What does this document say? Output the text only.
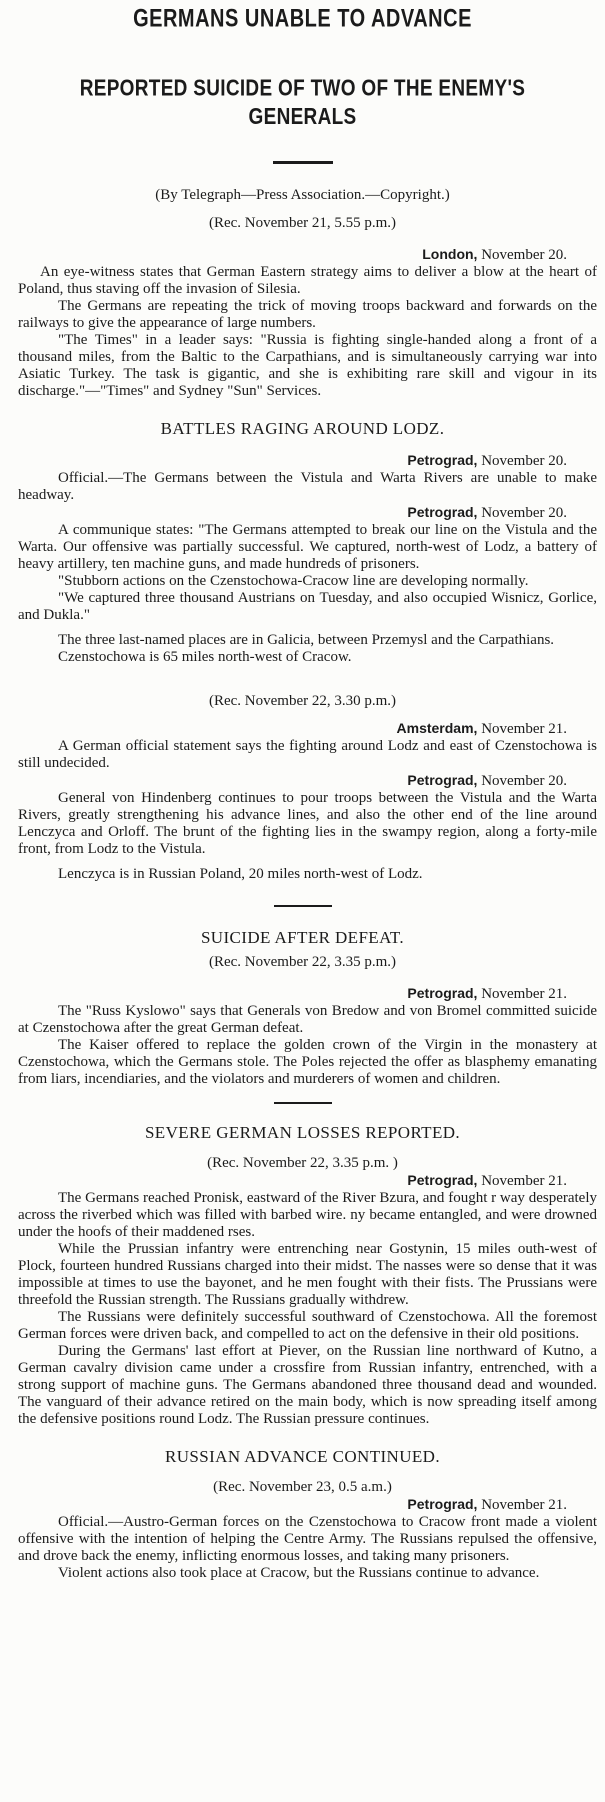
GERMANS UNABLE TO ADVANCE
REPORTED SUICIDE OF TWO OF THE ENEMY'S GENERALS
(By Telegraph—Press Association.—Copyright.)
(Rec. November 21, 5.55 p.m.)
London, November 20.

An eye-witness states that German Eastern strategy aims to deliver a blow at the heart of Poland, thus staving off the invasion of Silesia.

The Germans are repeating the trick of moving troops backward and forwards on the railways to give the appearance of large numbers.

"The Times" in a leader says: "Russia is fighting single-handed along a front of a thousand miles, from the Baltic to the Carpathians, and is simultaneously carrying war into Asiatic Turkey. The task is gigantic, and she is exhibiting rare skill and vigour in its discharge."—"Times" and Sydney "Sun" Services.

BATTLES RAGING AROUND LODZ.
Petrograd, November 20.

Official.—The Germans between the Vistula and Warta Rivers are unable to make headway.

Petrograd, November 20.

A communique states: "The Germans attempted to break our line on the Vistula and the Warta. Our offensive was partially successful. We captured, north-west of Lodz, a battery of heavy artillery, ten machine guns, and made hundreds of prisoners.

"Stubborn actions on the Czenstochowa-Cracow line are developing normally.

"We captured three thousand Austrians on Tuesday, and also occupied Wisnicz, Gorlice, and Dukla."

The three last-named places are in Galicia, between Przemysl and the Carpathians.

Czenstochowa is 65 miles north-west of Cracow.

(Rec. November 22, 3.30 p.m.)
Amsterdam, November 21.

A German official statement says the fighting around Lodz and east of Czenstochowa is still undecided.

Petrograd, November 20.

General von Hindenberg continues to pour troops between the Vistula and the Warta Rivers, greatly strengthening his advance lines, and also the other end of the line around Lenczyca and Orloff. The brunt of the fighting lies in the swampy region, along a forty-mile front, from Lodz to the Vistula.

Lenczyca is in Russian Poland, 20 miles north-west of Lodz.

SUICIDE AFTER DEFEAT.
(Rec. November 22, 3.35 p.m.)
Petrograd, November 21.

The "Russ Kyslowo" says that Generals von Bredow and von Bromel committed suicide at Czenstochowa after the great German defeat.

The Kaiser offered to replace the golden crown of the Virgin in the monastery at Czenstochowa, which the Germans stole. The Poles rejected the offer as blasphemy emanating from liars, incendiaries, and the violators and murderers of women and children.

SEVERE GERMAN LOSSES REPORTED.
(Rec. November 22, 3.35 p.m. )
Petrograd, November 21.

The Germans reached Pronisk, eastward of the River Bzura, and fought r way desperately across the riverbed which was filled with barbed wire. ny became entangled, and were drowned under the hoofs of their maddened rses.

While the Prussian infantry were entrenching near Gostynin, 15 miles outh-west of Plock, fourteen hundred Russians charged into their midst. The nasses were so dense that it was impossible at times to use the bayonet, and he men fought with their fists. The Prussians were threefold the Russian strength. The Russians gradually withdrew.

The Russians were definitely successful southward of Czenstochowa. All the foremost German forces were driven back, and compelled to act on the defensive in their old positions.

During the Germans' last effort at Piever, on the Russian line northward of Kutno, a German cavalry division came under a crossfire from Russian infantry, entrenched, with a strong support of machine guns. The Germans abandoned three thousand dead and wounded. The vanguard of their advance retired on the main body, which is now spreading itself among the defensive positions round Lodz. The Russian pressure continues.

RUSSIAN ADVANCE CONTINUED.
(Rec. November 23, 0.5 a.m.)
Petrograd, November 21.

Official.—Austro-German forces on the Czenstochowa to Cracow front made a violent offensive with the intention of helping the Centre Army. The Russians repulsed the offensive, and drove back the enemy, inflicting enormous losses, and taking many prisoners.

Violent actions also took place at Cracow, but the Russians continue to advance.
